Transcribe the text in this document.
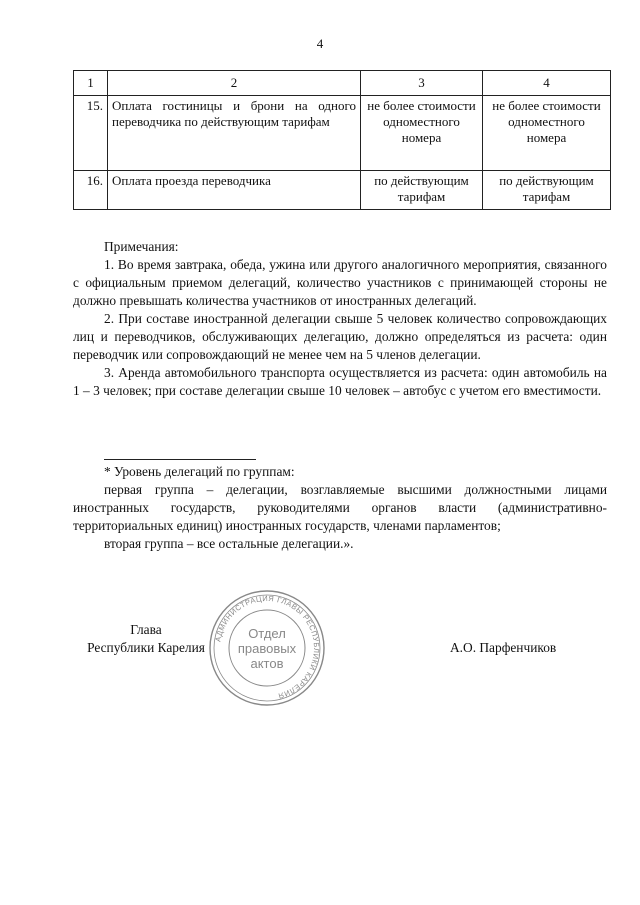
4
1	2	3	4
15.	Оплата гостиницы и брони на одного переводчика по действующим тарифам	не более стоимости одноместного номера	не более стоимости одноместного номера
16.	Оплата проезда переводчика	по действующим тарифам	по действующим тарифам

Примечания:

1. Во время завтрака, обеда, ужина или другого аналогичного мероприятия, связанного с официальным приемом делегаций, количество участников с принимающей стороны не должно превышать количества участников от иностранных делегаций.

2. При составе иностранной делегации свыше 5 человек количество сопровождающих лиц и переводчиков, обслуживающих делегацию, должно определяться из расчета: один переводчик или сопровождающий не менее чем на 5 членов делегации.

3. Аренда автомобильного транспорта осуществляется из расчета: один автомобиль на 1 – 3 человек; при составе делегации свыше 10 человек – автобус с учетом его вместимости.

* Уровень делегаций по группам:

первая группа – делегации, возглавляемые высшими должностными лицами иностранных государств, руководителями органов власти (административно-территориальных единиц) иностранных государств, членами парламентов;

вторая группа – все остальные делегации.».

Глава
Республики Карелия	А.О. Парфенчиков
АДМИНИСТРАЦИЯ ГЛАВЫ РЕСПУБЛИКИ КАРЕЛИЯ
Отдел
правовых
актов
